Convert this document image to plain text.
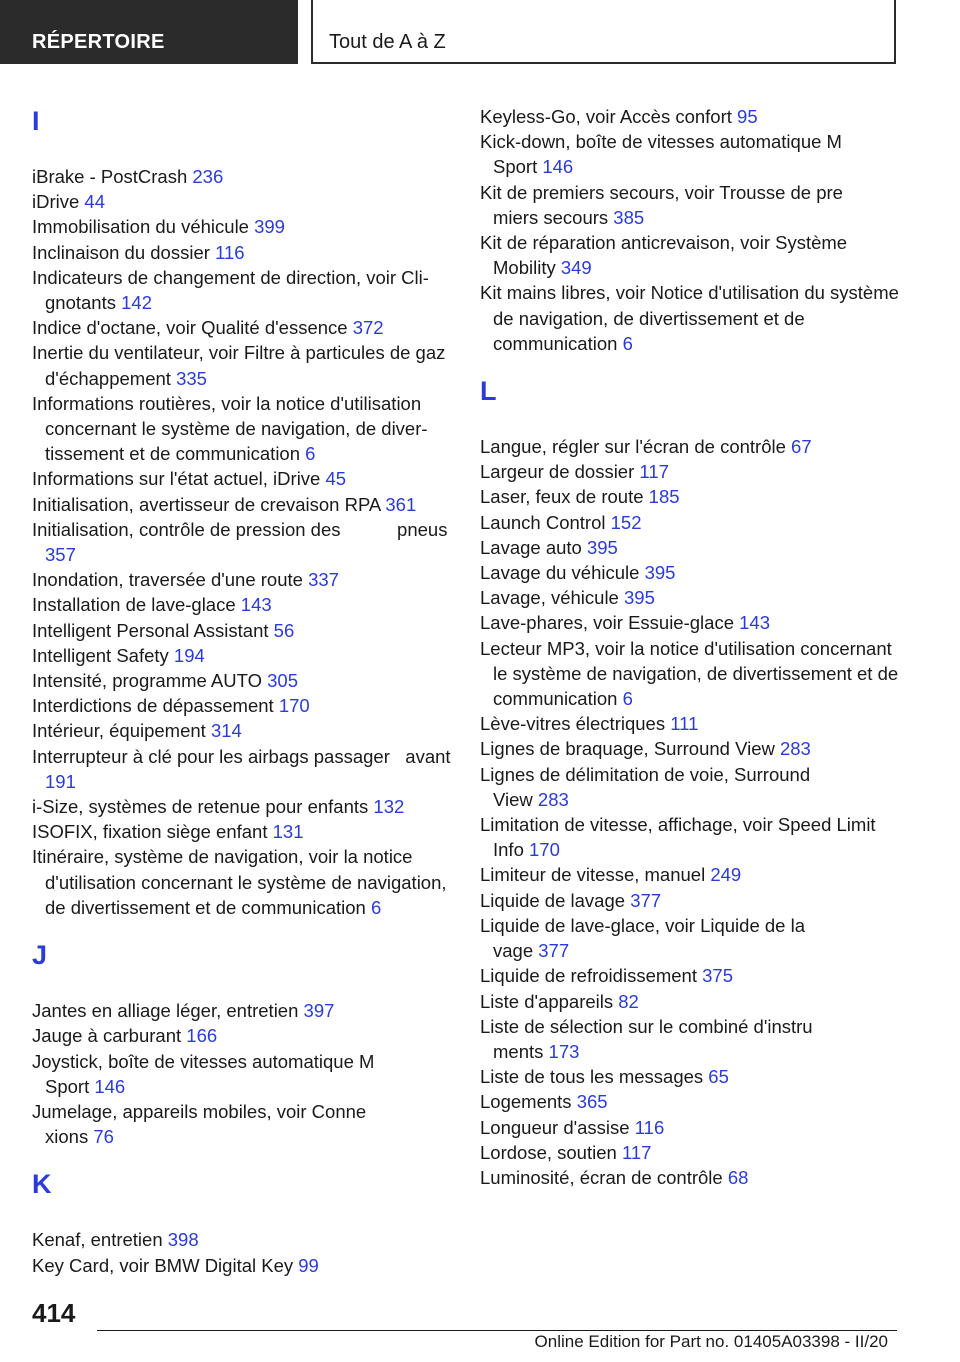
RÉPERTOIRE	Tout de A à Z
I
iBrake - PostCrash 236
iDrive 44
Immobilisation du véhicule 399
Inclinaison du dossier 116
Indicateurs de changement de direction, voir Clignotants 142
Indice d'octane, voir Qualité d'essence 372
Inertie du ventilateur, voir Filtre à particules de gaz d'échappement 335
Informations routières, voir la notice d'utilisation concernant le système de navigation, de divertissement et de communication 6
Informations sur l'état actuel, iDrive 45
Initialisation, avertisseur de crevaison RPA 361
Initialisation, contrôle de pression des           pneus 357
Inondation, traversée d'une route 337
Installation de lave-glace 143
Intelligent Personal Assistant 56
Intelligent Safety 194
Intensité, programme AUTO 305
Interdictions de dépassement 170
Intérieur, équipement 314
Interrupteur à clé pour les airbags passager   avant 191
i-Size, systèmes de retenue pour enfants 132
ISOFIX, fixation siège enfant 131
Itinéraire, système de navigation, voir la notice d'utilisation concernant le système de navigation, de divertissement et de communication 6
J
Jantes en alliage léger, entretien 397
Jauge à carburant 166
Joystick, boîte de vitesses automatique M           Sport 146
Jumelage, appareils mobiles, voir Conne               xions 76
K
Kenaf, entretien 398
Key Card, voir BMW Digital Key 99
Keyless-Go, voir Accès confort 95
Kick-down, boîte de vitesses automatique M     Sport 146
Kit de premiers secours, voir Trousse de pre       miers secours 385
Kit de réparation anticrevaison, voir Système         Mobility 349
Kit mains libres, voir Notice d'utilisation du système de navigation, de divertissement et de communication 6
L
Langue, régler sur l'écran de contrôle 67
Largeur de dossier 117
Laser, feux de route 185
Launch Control 152
Lavage auto 395
Lavage du véhicule 395
Lavage, véhicule 395
Lave-phares, voir Essuie-glace 143
Lecteur MP3, voir la notice d'utilisation concernant le système de navigation, de divertissement et de communication 6
Lève-vitres électriques 111
Lignes de braquage, Surround View 283
Lignes de délimitation de voie, Surround              View 283
Limitation de vitesse, affichage, voir Speed Limit Info 170
Limiteur de vitesse, manuel 249
Liquide de lavage 377
Liquide de lave-glace, voir Liquide de la             vage 377
Liquide de refroidissement 375
Liste d'appareils 82
Liste de sélection sur le combiné d'instru           ments 173
Liste de tous les messages 65
Logements 365
Longueur d'assise 116
Lordose, soutien 117
Luminosité, écran de contrôle 68
414
Online Edition for Part no. 01405A03398 - II/20
